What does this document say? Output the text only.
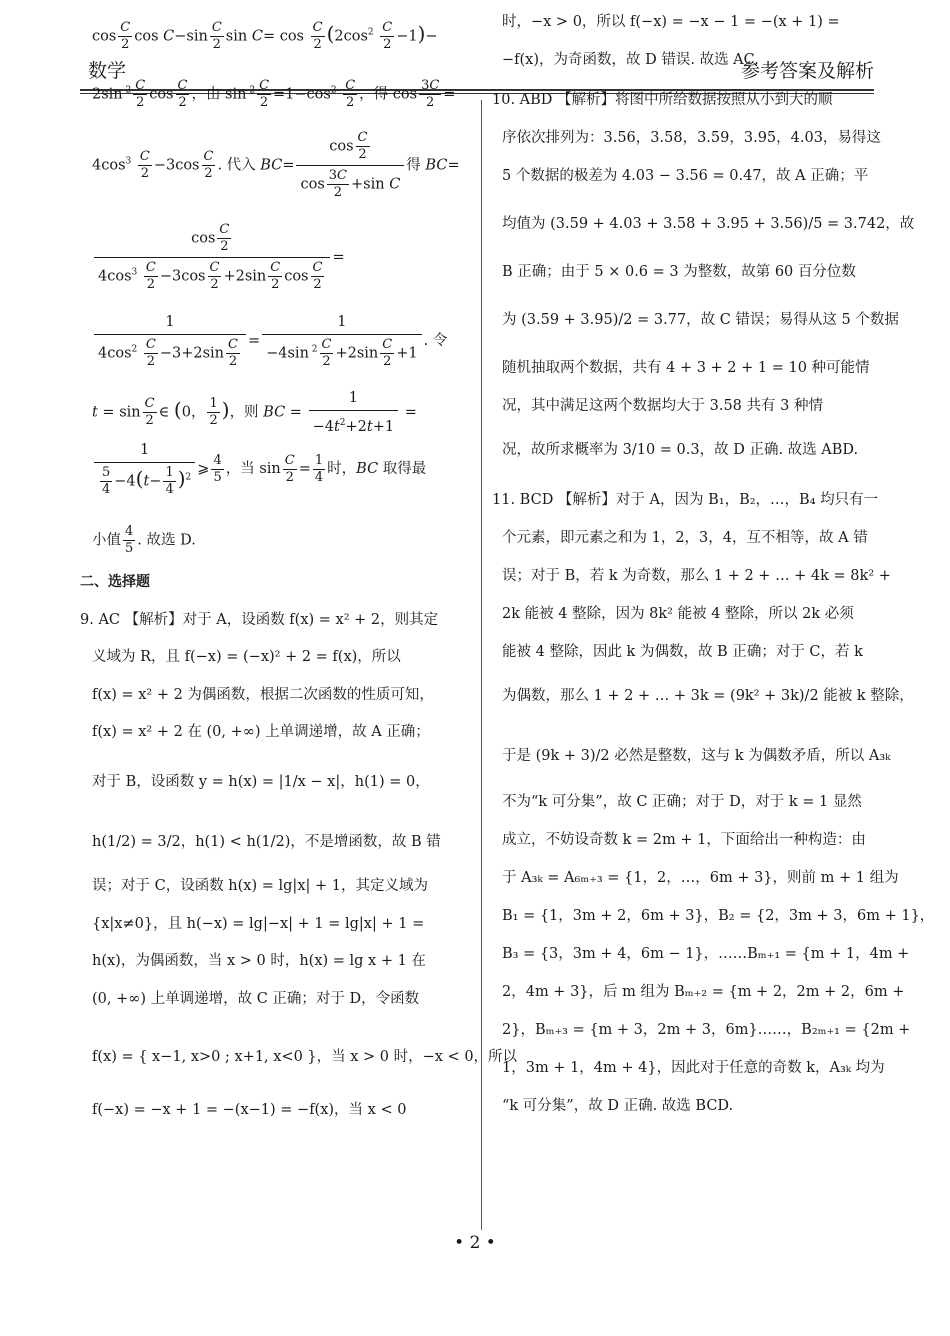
数学	参考答案及解析
$\cos \frac{C}{2}$ $\cos C-\sin \frac{C}{2}$ $\sin C= \cos \frac{C}{2} (2\cos^2 \frac{C}{2} -1)-$
2sin $^2 \frac{C}{2}$ $\cos \frac{C}{2}$ ，由 $\sin ^2 \frac{C}{2} =1-\cos^2 \frac{C}{2}$ ，得 $\cos \frac{3C}{2}$ =
$4\cos^3 \frac{C}{2} -3\cos \frac{C}{2}$ . 代入 $BC= \frac{\cos \frac{C}{2}}{\cos \frac{3C}{2} +\sin C}$ 得 BC=
$\frac{\cos \frac{C}{2}}{4\cos^3 \frac{C}{2} -3\cos \frac{C}{2} +2\sin \frac{C}{2} \cos \frac{C}{2}}$ =
$\frac{1}{4\cos^2 \frac{C}{2} -3+2\sin \frac{C}{2}} = \frac{1}{-4\sin ^2 \frac{C}{2} +2\sin \frac{C}{2} +1}$ . 令
$t = \sin \frac{C}{2}$ ∈ (0， $\frac{1}{2}$ )，则 BC = $\frac{1}{-4t^2+2t+1}$ =
$\frac{1}{\frac{5}{4} -4(t- \frac{1}{4} )^2}$ ⩾ $\frac{4}{5}$ ，当 $\sin \frac{C}{2} = \frac{1}{4}$ 时，BC 取得最
小值 $\frac{4}{5}$ . 故选 D.
二、选择题
9. AC 【解析】对于 A，设函数 f(x) = x² + 2，则其定
义域为 R，且 f(−x) = (−x)² + 2 = f(x)，所以
f(x) = x² + 2 为偶函数，根据二次函数的性质可知，
f(x) = x² + 2 在 (0, +∞) 上单调递增，故 A 正确；
对于 B，设函数 y = h(x) = |1/x − x|，h(1) = 0，
h(1/2) = 3/2，h(1) < h(1/2)，不是增函数，故 B 错
误；对于 C，设函数 h(x) = lg|x| + 1，其定义域为
{x|x≠0}，且 h(−x) = lg|−x| + 1 = lg|x| + 1 =
h(x)，为偶函数，当 x > 0 时，h(x) = lg x + 1 在
(0, +∞) 上单调递增，故 C 正确；对于 D，令函数
f(x) = { x−1, x>0 ; x+1, x<0 }，当 x > 0 时，−x < 0，所以
f(−x) = −x + 1 = −(x−1) = −f(x)，当 x < 0
时，−x > 0，所以 f(−x) = −x − 1 = −(x + 1) =
−f(x)，为奇函数，故 D 错误. 故选 AC.
10. ABD 【解析】将图中所给数据按照从小到大的顺
序依次排列为：3.56，3.58，3.59，3.95，4.03，易得这
5 个数据的极差为 4.03 − 3.56 = 0.47，故 A 正确；平
均值为 (3.59 + 4.03 + 3.58 + 3.95 + 3.56)/5 = 3.742，故
B 正确；由于 5 × 0.6 = 3 为整数，故第 60 百分位数
为 (3.59 + 3.95)/2 = 3.77，故 C 错误；易得从这 5 个数据
随机抽取两个数据，共有 4 + 3 + 2 + 1 = 10 种可能情
况，其中满足这两个数据均大于 3.58 共有 3 种情
况，故所求概率为 3/10 = 0.3，故 D 正确. 故选 ABD.
11. BCD 【解析】对于 A，因为 B₁，B₂，…，B₄ 均只有一
个元素，即元素之和为 1，2，3，4，互不相等，故 A 错
误；对于 B，若 k 为奇数，那么 1 + 2 + … + 4k = 8k² +
2k 能被 4 整除，因为 8k² 能被 4 整除，所以 2k 必须
能被 4 整除，因此 k 为偶数，故 B 正确；对于 C，若 k
为偶数，那么 1 + 2 + … + 3k = (9k² + 3k)/2 能被 k 整除，
于是 (9k + 3)/2 必然是整数，这与 k 为偶数矛盾，所以 A₃ₖ
不为“k 可分集”，故 C 正确；对于 D，对于 k = 1 显然
成立，不妨设奇数 k = 2m + 1，下面给出一种构造：由
于 A₃ₖ = A₆ₘ₊₃ = {1，2，…，6m + 3}，则前 m + 1 组为
B₁ = {1，3m + 2，6m + 3}，B₂ = {2，3m + 3，6m + 1}，
B₃ = {3，3m + 4，6m − 1}，……Bₘ₊₁ = {m + 1，4m +
2，4m + 3}，后 m 组为 Bₘ₊₂ = {m + 2，2m + 2，6m +
2}，Bₘ₊₃ = {m + 3，2m + 3，6m}……，B₂ₘ₊₁ = {2m +
1，3m + 1，4m + 4}，因此对于任意的奇数 k，A₃ₖ 均为
“k 可分集”，故 D 正确. 故选 BCD.
• 2 •
